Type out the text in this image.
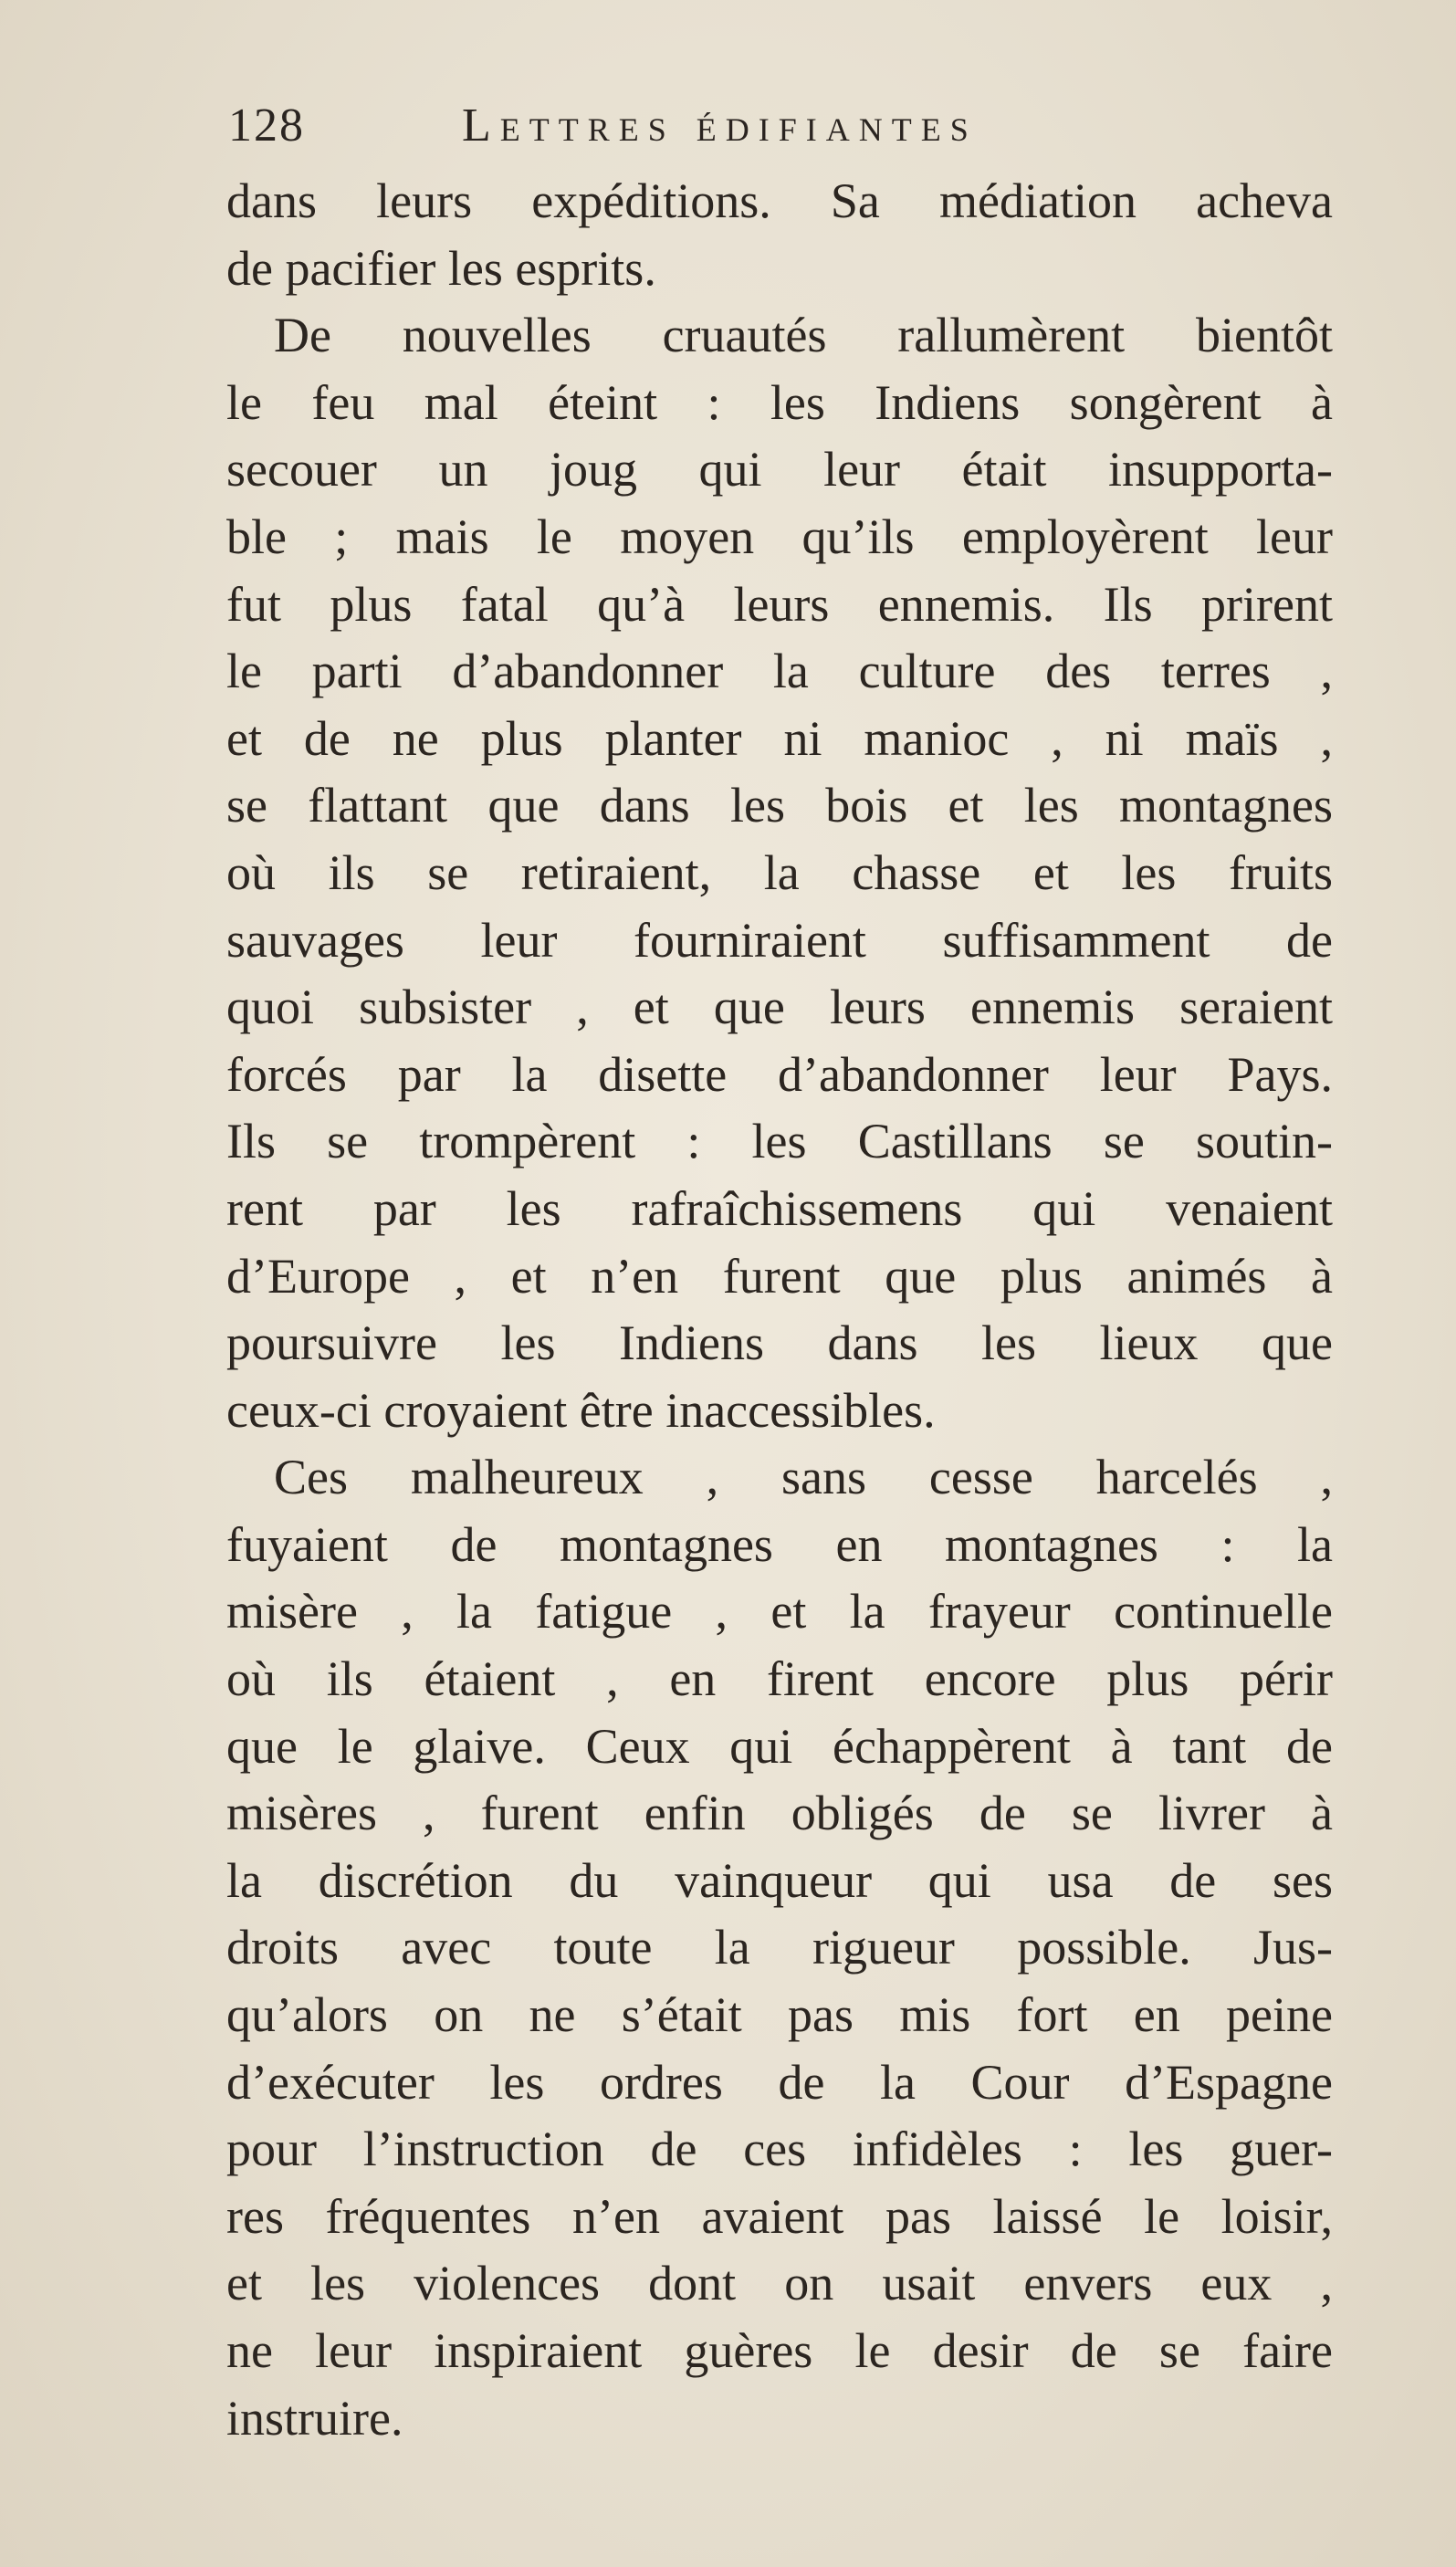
128	Lettres édifiantes
dans leurs expéditions. Sa médiation acheva
de pacifier les esprits.
De nouvelles cruautés rallumèrent bientôt
le feu mal éteint : les Indiens songèrent à
secouer un joug qui leur était insupporta-
ble ; mais le moyen qu’ils employèrent leur
fut plus fatal qu’à leurs ennemis. Ils prirent
le parti d’abandonner la culture des terres ,
et de ne plus planter ni manioc , ni maïs ,
se flattant que dans les bois et les montagnes
où ils se retiraient, la chasse et les fruits
sauvages leur fourniraient suffisamment de
quoi subsister , et que leurs ennemis seraient
forcés par la disette d’abandonner leur Pays.
Ils se trompèrent : les Castillans se soutin-
rent par les rafraîchissemens qui venaient
d’Europe , et n’en furent que plus animés à
poursuivre les Indiens dans les lieux que
ceux-ci croyaient être inaccessibles.
Ces malheureux , sans cesse harcelés ,
fuyaient de montagnes en montagnes : la
misère , la fatigue , et la frayeur continuelle
où ils étaient , en firent encore plus périr
que le glaive. Ceux qui échappèrent à tant de
misères , furent enfin obligés de se livrer à
la discrétion du vainqueur qui usa de ses
droits avec toute la rigueur possible. Jus-
qu’alors on ne s’était pas mis fort en peine
d’exécuter les ordres de la Cour d’Espagne
pour l’instruction de ces infidèles : les guer-
res fréquentes n’en avaient pas laissé le loisir,
et les violences dont on usait envers eux ,
ne leur inspiraient guères le desir de se faire
instruire.
